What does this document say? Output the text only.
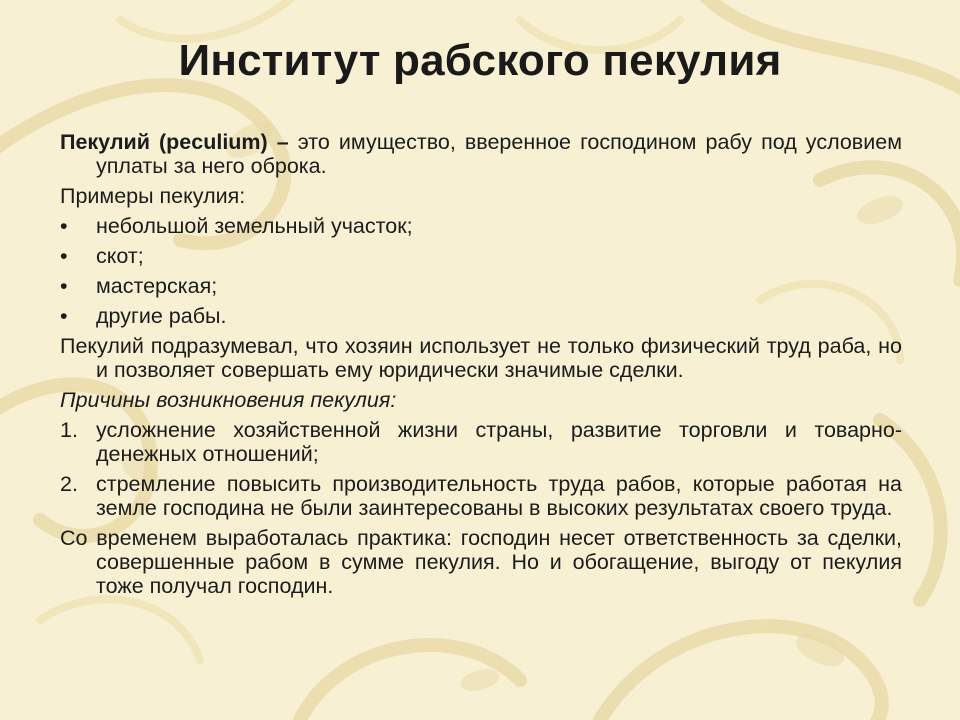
Институт рабского пекулия

Пекулий (peculium) – это имущество, вверенное господином рабу под условием уплаты за него оброка.

Примеры пекулия:

• небольшой земельный участок;

• скот;

• мастерская;

• другие рабы.

Пекулий подразумевал, что хозяин использует не только физический труд раба, но и позволяет совершать ему юридически значимые сделки.

Причины возникновения пекулия:

1. усложнение хозяйственной жизни страны, развитие торговли и товарно-денежных отношений;

2. стремление повысить производительность труда рабов, которые работая на земле господина не были заинтересованы в высоких результатах своего труда.

Со временем выработалась практика: господин несет ответственность за сделки, совершенные рабом в сумме пекулия. Но и обогащение, выгоду от пекулия тоже получал господин.
